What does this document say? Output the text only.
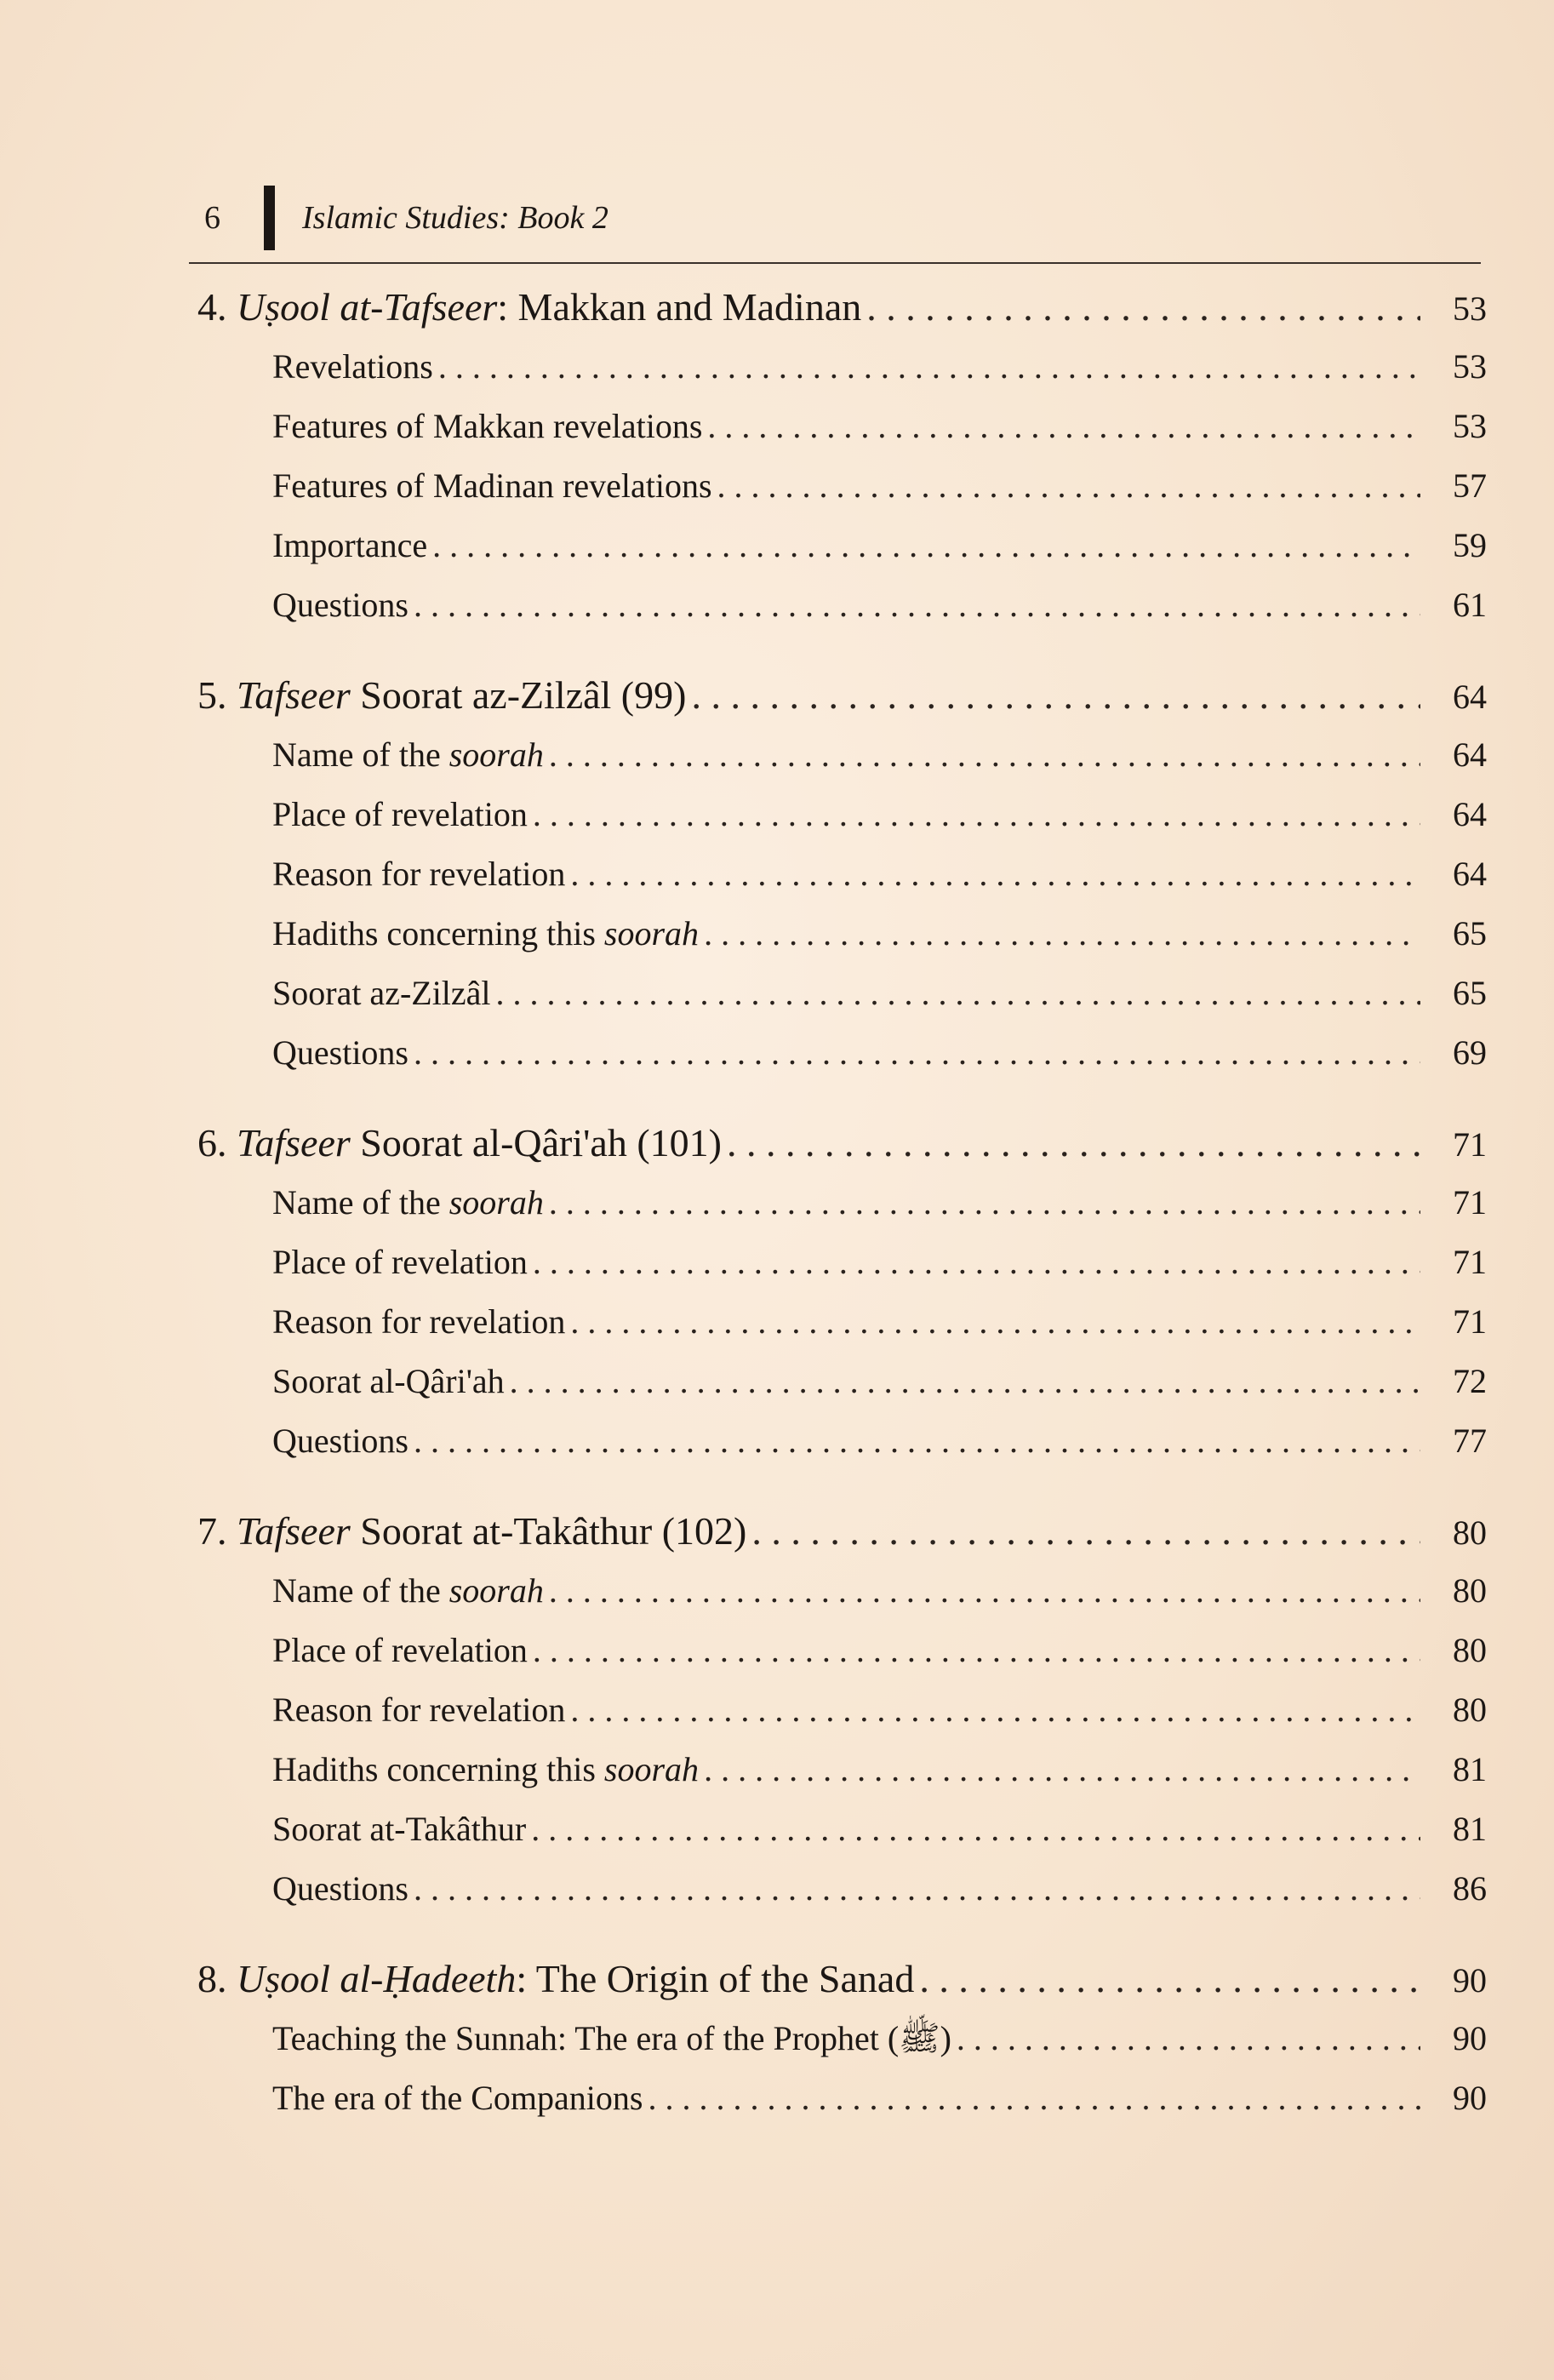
6	Islamic Studies: Book 2
4. Uṣool at-Tafseer: Makkan and Madinan . . .	53
Revelations . . .	53
Features of Makkan revelations . . .	53
Features of Madinan revelations . . .	57
Importance . . .	59
Questions . . .	61
5. Tafseer Soorat az-Zilzâl (99) . . .	64
Name of the soorah . . .	64
Place of revelation . . .	64
Reason for revelation . . .	64
Hadiths concerning this soorah . . .	65
Soorat az-Zilzâl . . .	65
Questions . . .	69
6. Tafseer Soorat al-Qâri'ah (101) . . .	71
Name of the soorah . . .	71
Place of revelation . . .	71
Reason for revelation . . .	71
Soorat al-Qâri'ah . . .	72
Questions . . .	77
7. Tafseer Soorat at-Takâthur (102) . . .	80
Name of the soorah . . .	80
Place of revelation . . .	80
Reason for revelation . . .	80
Hadiths concerning this soorah . . .	81
Soorat at-Takâthur . . .	81
Questions . . .	86
8. Uṣool al-Ḥadeeth: The Origin of the Sanad . . .	90
Teaching the Sunnah: The era of the Prophet (ﷺ) . . .	90
The era of the Companions . . .	90
